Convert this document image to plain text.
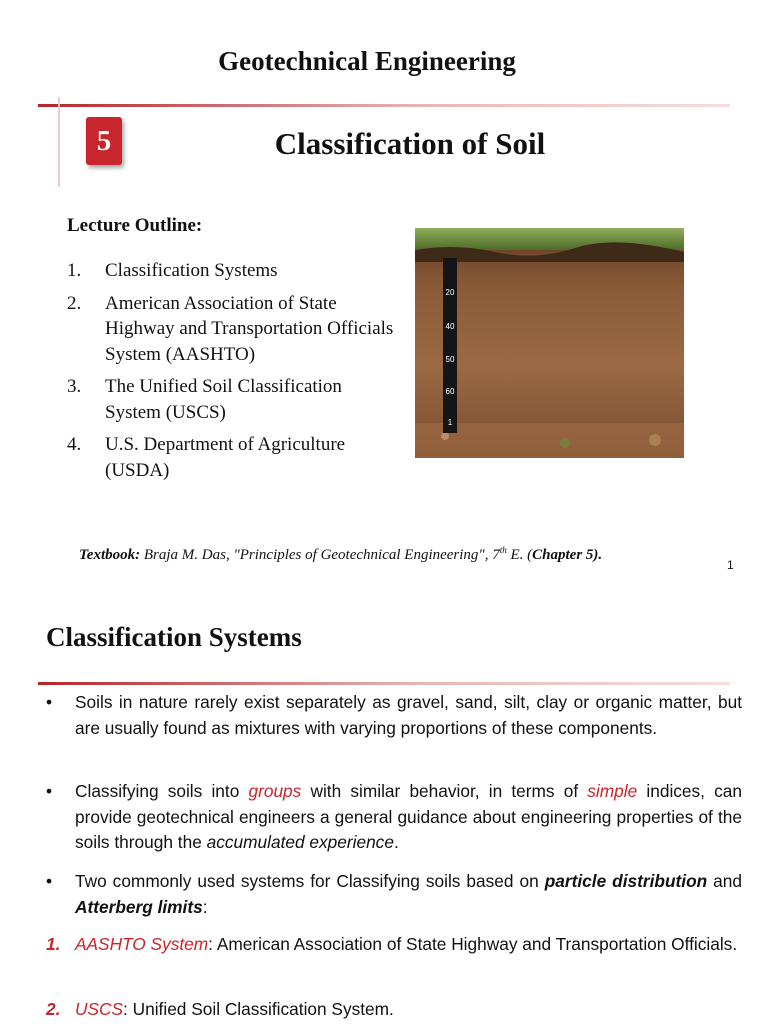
Geotechnical Engineering
5	Classification of Soil
Lecture Outline:
1.	Classification Systems
2.	American Association of State Highway and Transportation Officials System (AASHTO)
3.	The Unified Soil Classification System (USCS)
4.	U.S. Department of Agriculture (USDA)
20
40
50
60
1
Textbook: Braja M. Das, "Principles of Geotechnical Engineering", 7th E. (Chapter 5).
1
Classification Systems
•	Soils in nature rarely exist separately as gravel, sand, silt, clay or organic matter, but are usually found as mixtures with varying proportions of these components.
•	Classifying soils into groups with similar behavior, in terms of simple indices, can provide geotechnical engineers a general guidance about engineering properties of the soils through the accumulated experience.
•	Two commonly used systems for Classifying soils based on particle distribution and Atterberg limits:
1. AASHTO System: American Association of State Highway and Transportation Officials.
2. USCS: Unified Soil Classification System.
